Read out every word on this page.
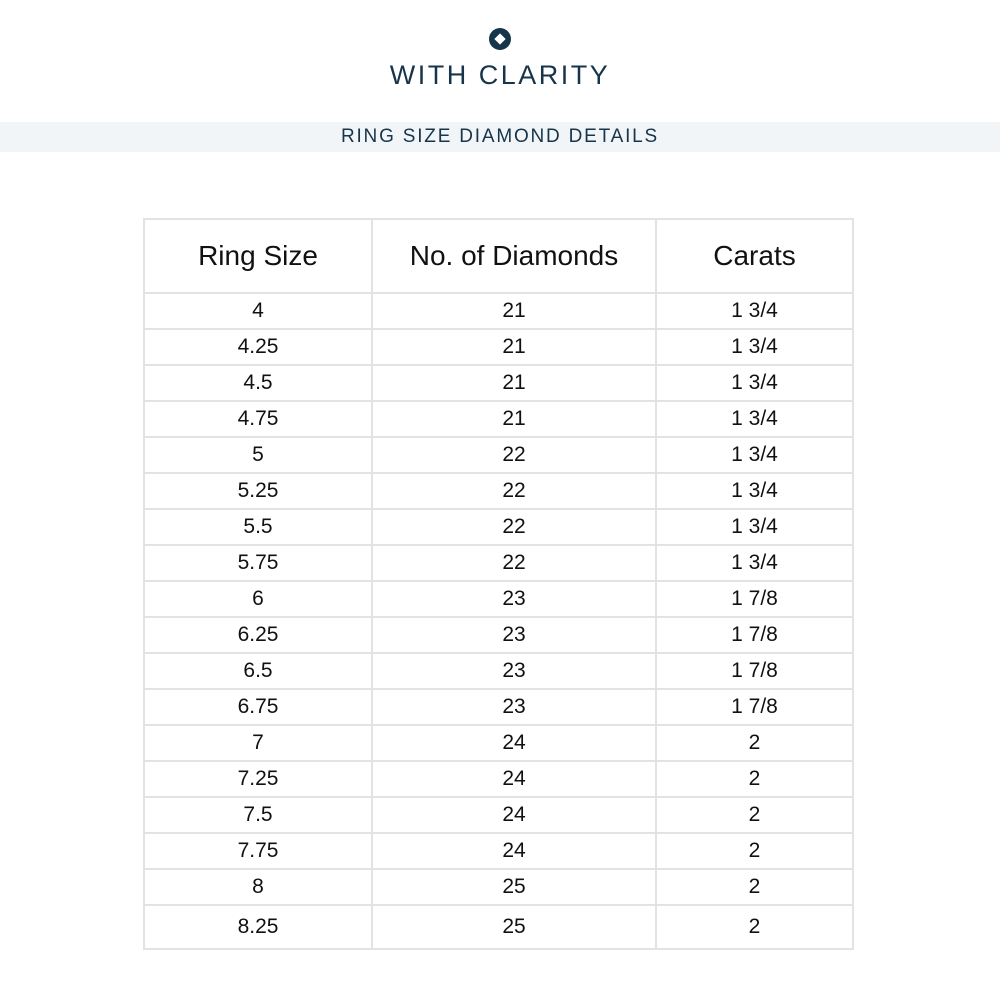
WITH CLARITY
RING SIZE DIAMOND DETAILS
Ring Size	No. of Diamonds	Carats
4	21	1 3/4
4.25	21	1 3/4
4.5	21	1 3/4
4.75	21	1 3/4
5	22	1 3/4
5.25	22	1 3/4
5.5	22	1 3/4
5.75	22	1 3/4
6	23	1 7/8
6.25	23	1 7/8
6.5	23	1 7/8
6.75	23	1 7/8
7	24	2
7.25	24	2
7.5	24	2
7.75	24	2
8	25	2
8.25	25	2
